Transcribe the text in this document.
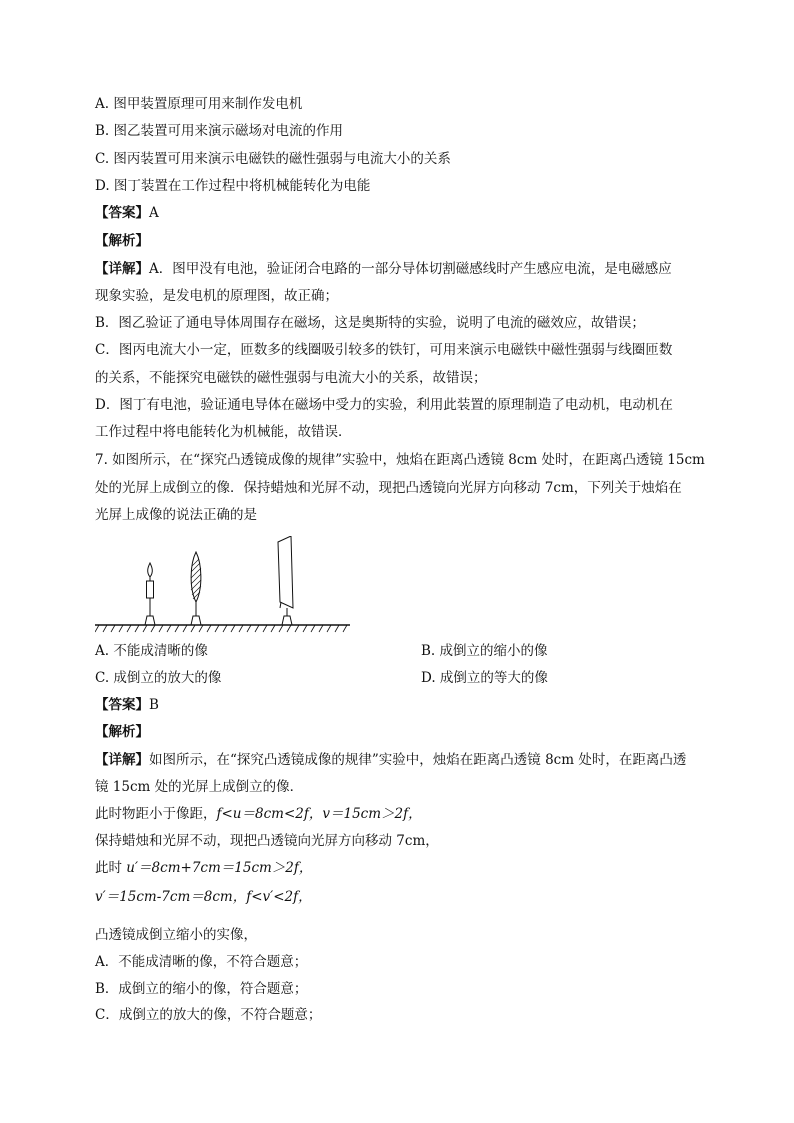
A. 图甲装置原理可用来制作发电机
B. 图乙装置可用来演示磁场对电流的作用
C. 图丙装置可用来演示电磁铁的磁性强弱与电流大小的关系
D. 图丁装置在工作过程中将机械能转化为电能
【答案】A
【解析】
【详解】A．图甲没有电池，验证闭合电路的一部分导体切割磁感线时产生感应电流，是电磁感应
现象实验，是发电机的原理图，故正确；
B．图乙验证了通电导体周围存在磁场，这是奥斯特的实验，说明了电流的磁效应，故错误；
C．图丙电流大小一定，匝数多的线圈吸引较多的铁钉，可用来演示电磁铁中磁性强弱与线圈匝数
的关系，不能探究电磁铁的磁性强弱与电流大小的关系，故错误；
D．图丁有电池，验证通电导体在磁场中受力的实验，利用此装置的原理制造了电动机，电动机在
工作过程中将电能转化为机械能，故错误．
7. 如图所示，在“探究凸透镜成像的规律”实验中，烛焰在距离凸透镜 8cm 处时，在距离凸透镜 15cm
处的光屏上成倒立的像．保持蜡烛和光屏不动，现把凸透镜向光屏方向移动 7cm，下列关于烛焰在
光屏上成像的说法正确的是
A. 不能成清晰的像	B. 成倒立的缩小的像
C. 成倒立的放大的像	D. 成倒立的等大的像
【答案】B
【解析】
【详解】如图所示，在“探究凸透镜成像的规律”实验中，烛焰在距离凸透镜 8cm 处时，在距离凸透
镜 15cm 处的光屏上成倒立的像．
此时物距小于像距，f<u＝8cm<2f，v＝15cm＞2f，
保持蜡烛和光屏不动，现把凸透镜向光屏方向移动 7cm，
此时 u′＝8cm+7cm＝15cm＞2f，
v′＝15cm-7cm＝8cm，f<v′<2f，
凸透镜成倒立缩小的实像，
A．不能成清晰的像，不符合题意；
B．成倒立的缩小的像，符合题意；
C．成倒立的放大的像，不符合题意；
